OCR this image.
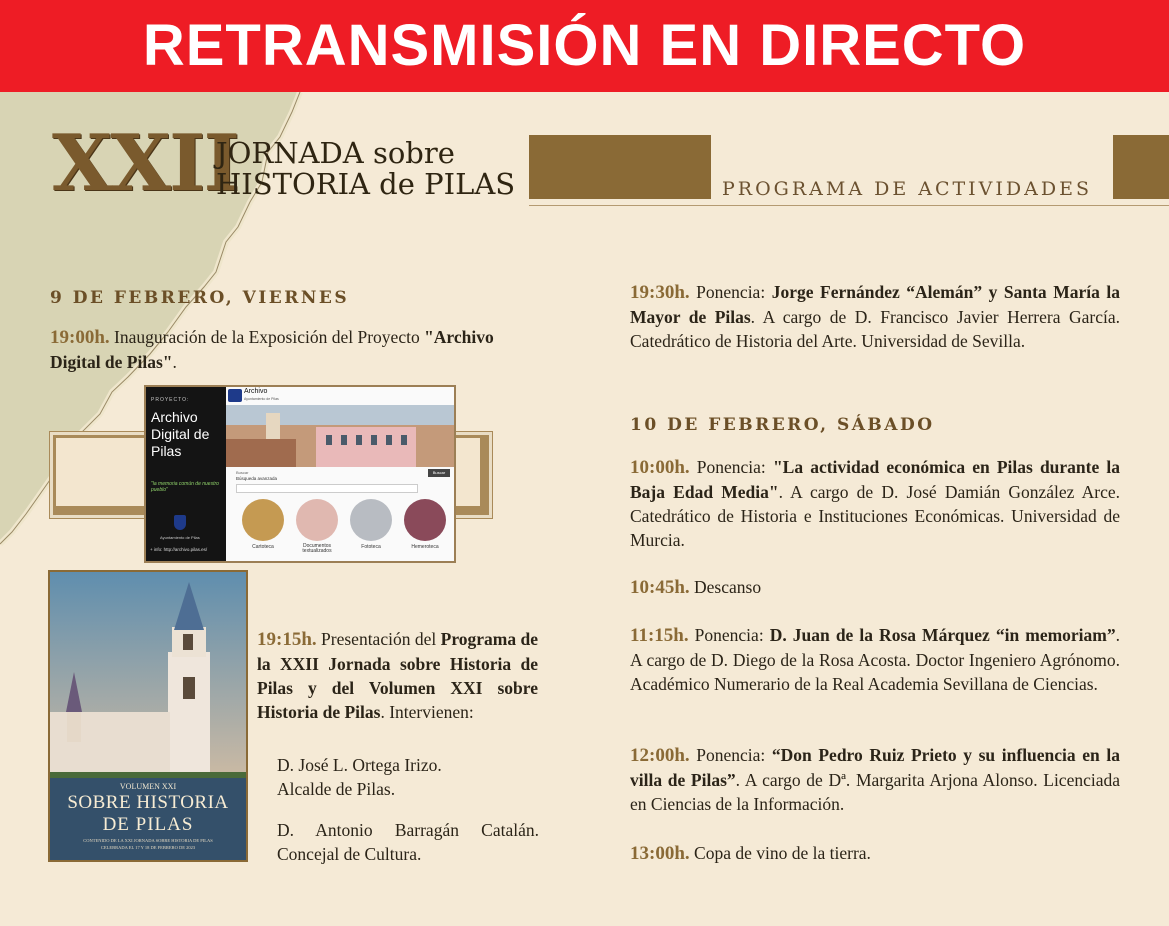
RETRANSMISIÓN EN DIRECTO
XXII
JORNADA sobre
HISTORIA de PILAS	PROGRAMA DE ACTIVIDADES
9 DE FEBRERO, VIERNES
19:00h. Inauguración de la Exposición del Proyecto "Archivo Digital de Pilas".
PROYECTO:
Archivo
Digital de
Pilas
"la memoria común de nuestro pueblo"
Ayuntamiento de Pilas
+ info: http://archivo.pilas.es/
Archivo
Ayuntamiento de Pilas
Buscar
Búsqueda avanzada
Buscar
Cartoteca	Documentos textualizados
Fototeca	Hemeroteca
VOLUMEN XXI
SOBRE HISTORIA
DE PILAS
CONTENIDO DE LA XXI JORNADA SOBRE HISTORIA DE PILAS
CELEBRADA EL 17 Y 18 DE FEBRERO DE 2023
19:15h. Presentación del Programa de la XXII Jornada sobre Historia de Pilas y del Volumen XXI sobre Historia de Pilas. Intervienen:
D. José L. Ortega Irizo.
Alcalde de Pilas.
D. Antonio Barragán Catalán.
Concejal de Cultura.
19:30h. Ponencia: Jorge Fernández “Alemán” y Santa María la Mayor de Pilas. A cargo de D. Francisco Javier Herrera García. Catedrático de Historia del Arte. Universidad de Sevilla.
10 DE FEBRERO, SÁBADO
10:00h. Ponencia: "La actividad económica en Pilas durante la Baja Edad Media". A cargo de D. José Damián González Arce. Catedrático de Historia e Instituciones Económicas. Universidad de Murcia.
10:45h. Descanso
11:15h. Ponencia: D. Juan de la Rosa Márquez “in memoriam”. A cargo de D. Diego de la Rosa Acosta. Doctor Ingeniero Agrónomo. Académico Numerario de la Real Academia Sevillana de Ciencias.
12:00h. Ponencia: “Don Pedro Ruiz Prieto y su influencia en la villa de Pilas”. A cargo de Dª. Margarita Arjona Alonso. Licenciada en Ciencias de la Información.
13:00h. Copa de vino de la tierra.
